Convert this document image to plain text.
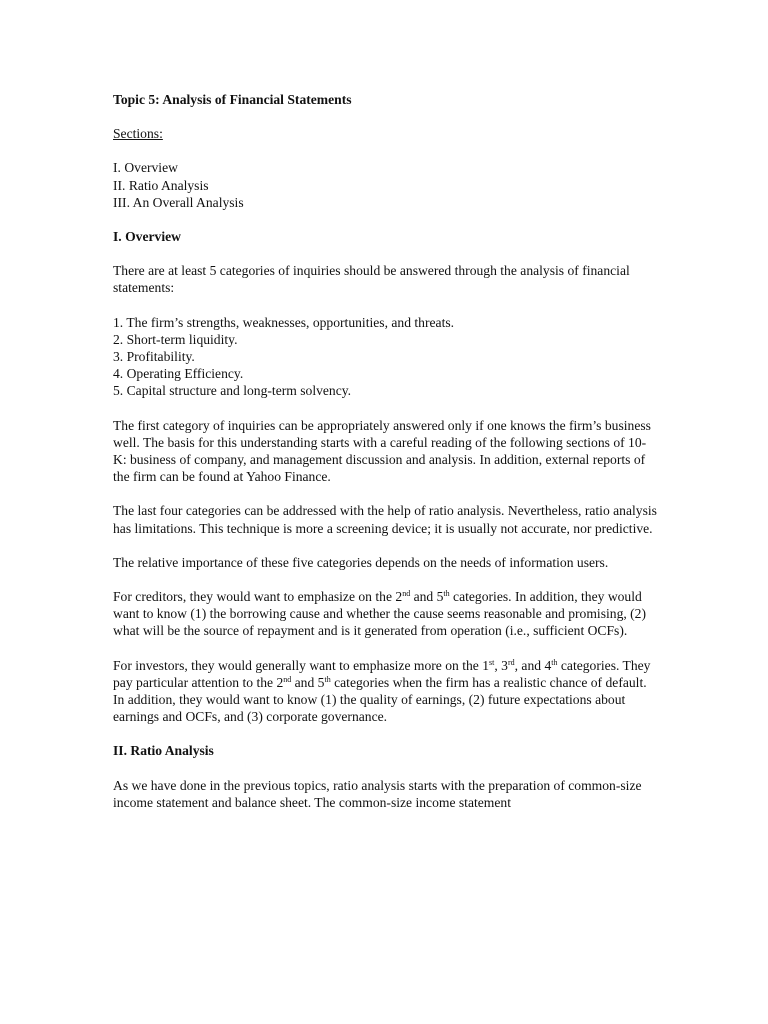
Topic 5: Analysis of Financial Statements
Sections:
I. Overview
II. Ratio Analysis
III. An Overall Analysis
I. Overview

There are at least 5 categories of inquiries should be answered through the analysis of financial statements:

1. The firm’s strengths, weaknesses, opportunities, and threats.
2. Short-term liquidity.
3. Profitability.
4. Operating Efficiency.
5. Capital structure and long-term solvency.

The first category of inquiries can be appropriately answered only if one knows the firm’s business well. The basis for this understanding starts with a careful reading of the following sections of 10-K: business of company, and management discussion and analysis. In addition, external reports of the firm can be found at Yahoo Finance.

The last four categories can be addressed with the help of ratio analysis. Nevertheless, ratio analysis has limitations. This technique is more a screening device; it is usually not accurate, nor predictive.

The relative importance of these five categories depends on the needs of information users.

For creditors, they would want to emphasize on the 2nd and 5th categories. In addition, they would want to know (1) the borrowing cause and whether the cause seems reasonable and promising, (2) what will be the source of repayment and is it generated from operation (i.e., sufficient OCFs).

For investors, they would generally want to emphasize more on the 1st, 3rd, and 4th categories. They pay particular attention to the 2nd and 5th categories when the firm has a realistic chance of default. In addition, they would want to know (1) the quality of earnings, (2) future expectations about earnings and OCFs, and (3) corporate governance.

II. Ratio Analysis

As we have done in the previous topics, ratio analysis starts with the preparation of common-size income statement and balance sheet. The common-size income statement
